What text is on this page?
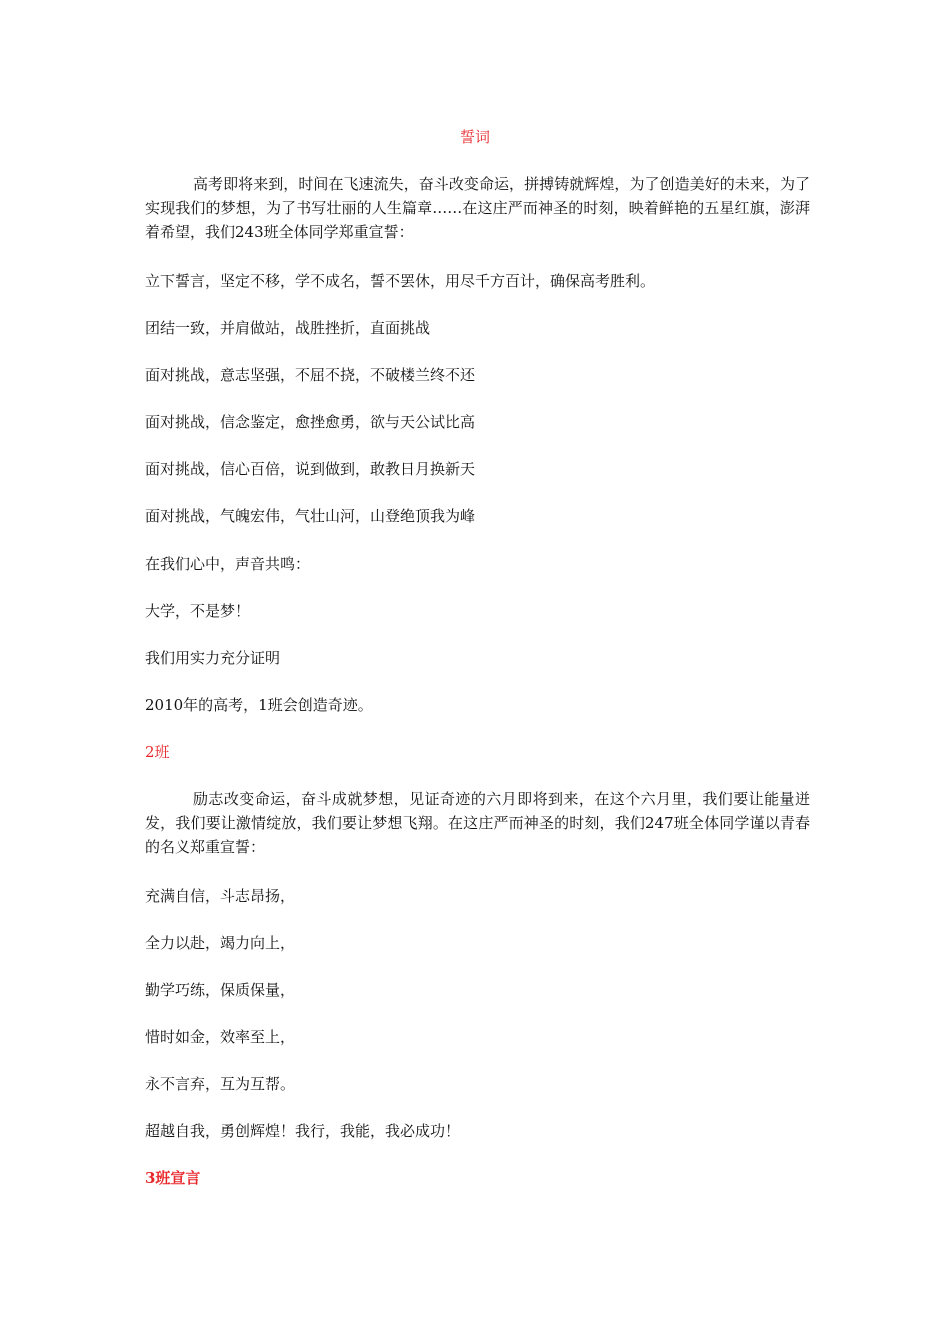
誓词

高考即将来到，时间在飞速流失，奋斗改变命运，拼搏铸就辉煌，为了创造美好的未来，为了实现我们的梦想，为了书写壮丽的人生篇章……在这庄严而神圣的时刻，映着鲜艳的五星红旗，澎湃着希望，我们243班全体同学郑重宣誓：

立下誓言，坚定不移，学不成名，誓不罢休，用尽千方百计，确保高考胜利。

团结一致，并肩做站，战胜挫折，直面挑战

面对挑战，意志坚强，不屈不挠，不破楼兰终不还

面对挑战，信念鉴定，愈挫愈勇，欲与天公试比高

面对挑战，信心百倍，说到做到，敢教日月换新天

面对挑战，气魄宏伟，气壮山河，山登绝顶我为峰

在我们心中，声音共鸣：

大学，不是梦！

我们用实力充分证明

2010年的高考，1班会创造奇迹。

2班

励志改变命运，奋斗成就梦想，见证奇迹的六月即将到来，在这个六月里，我们要让能量迸发，我们要让激情绽放，我们要让梦想飞翔。在这庄严而神圣的时刻，我们247班全体同学谨以青春的名义郑重宣誓：

充满自信，斗志昂扬，

全力以赴，竭力向上，

勤学巧练，保质保量，

惜时如金，效率至上，

永不言弃，互为互帮。

超越自我，勇创辉煌！我行，我能，我必成功！

3班宣言
